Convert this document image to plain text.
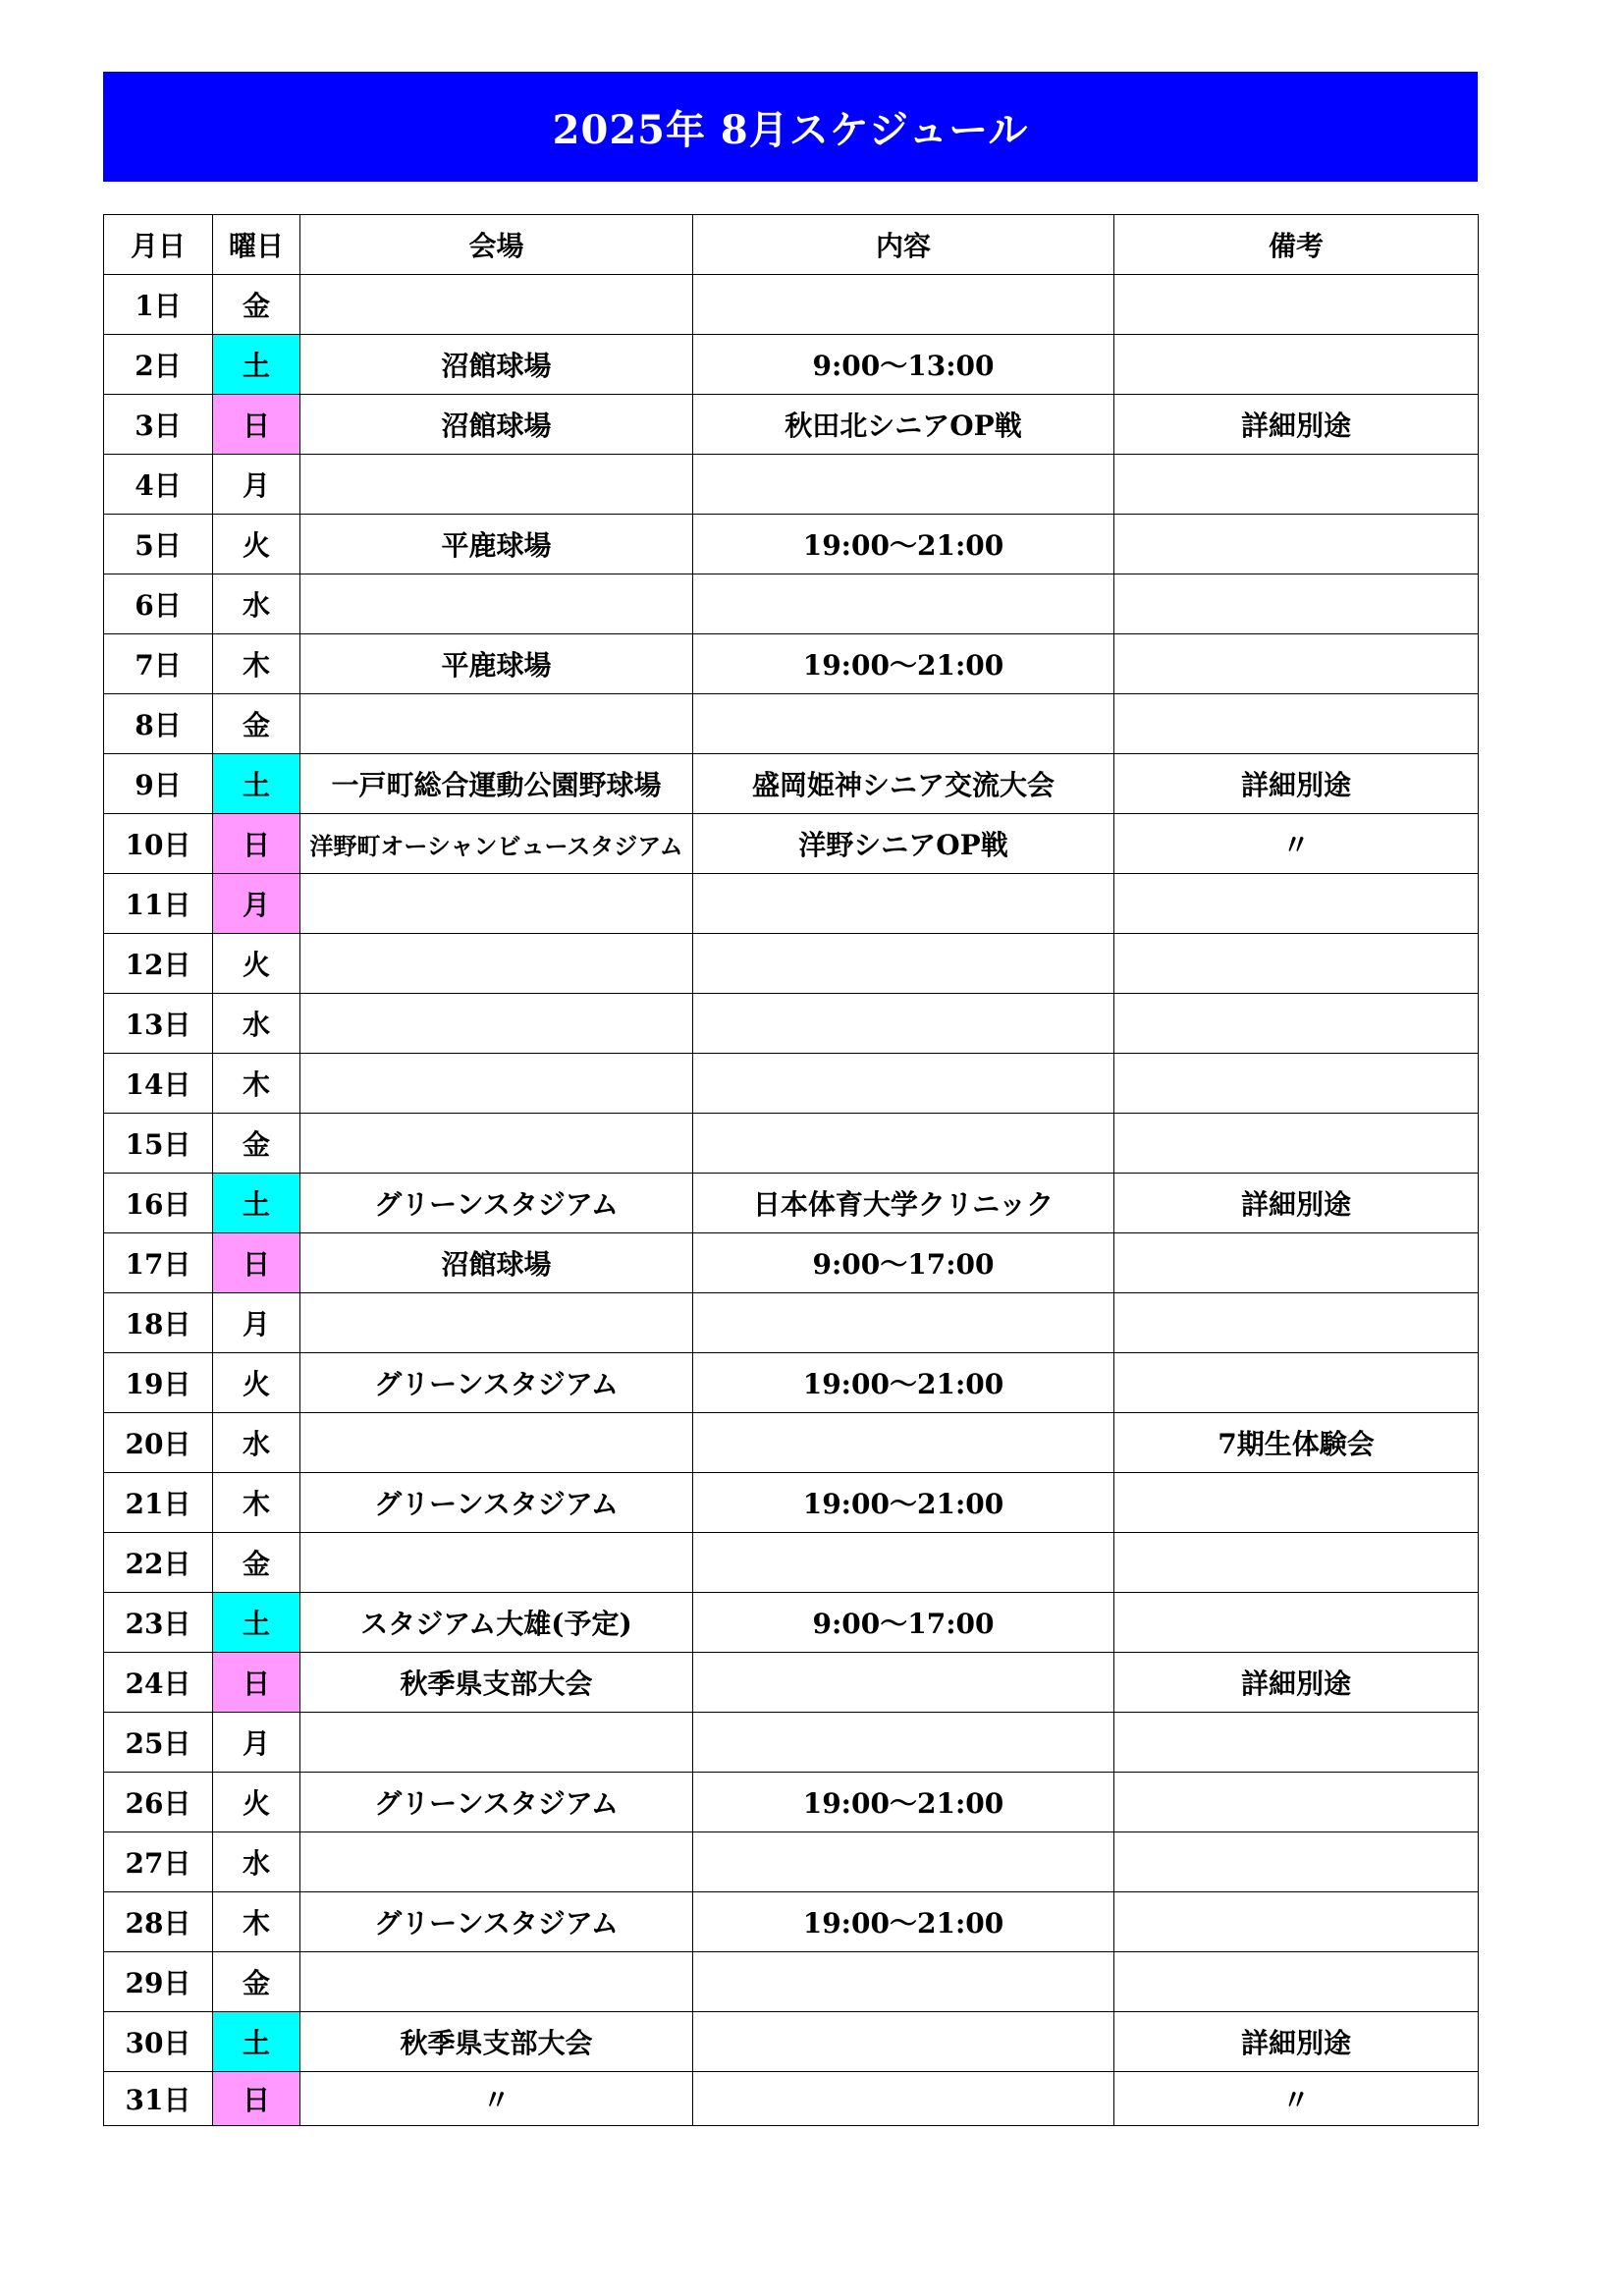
2025年 8月スケジュール
月日	曜日	会場	内容	備考
1日	金			
2日	土	沼館球場	9:00～13:00	
3日	日	沼館球場	秋田北シニアOP戦	詳細別途
4日	月			
5日	火	平鹿球場	19:00～21:00	
6日	水			
7日	木	平鹿球場	19:00～21:00	
8日	金			
9日	土	一戸町総合運動公園野球場	盛岡姫神シニア交流大会	詳細別途
10日	日	洋野町オーシャンビュースタジアム	洋野シニアOP戦	〃
11日	月			
12日	火			
13日	水			
14日	木			
15日	金			
16日	土	グリーンスタジアム	日本体育大学クリニック	詳細別途
17日	日	沼館球場	9:00～17:00	
18日	月			
19日	火	グリーンスタジアム	19:00～21:00	
20日	水			7期生体験会
21日	木	グリーンスタジアム	19:00～21:00	
22日	金			
23日	土	スタジアム大雄(予定)	9:00～17:00	
24日	日	秋季県支部大会		詳細別途
25日	月			
26日	火	グリーンスタジアム	19:00～21:00	
27日	水			
28日	木	グリーンスタジアム	19:00～21:00	
29日	金			
30日	土	秋季県支部大会		詳細別途
31日	日	〃		〃
